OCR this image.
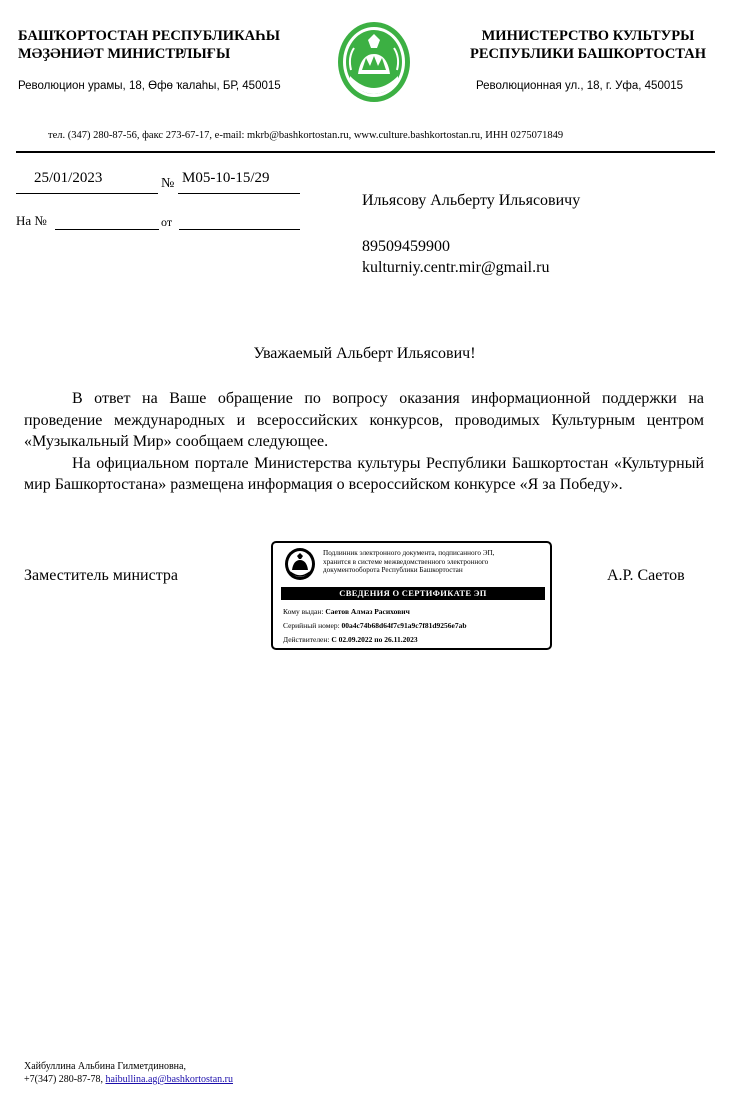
БАШҠОРТОСТАН РЕСПУБЛИКАҺЫ
МӘҘӘНИӘТ МИНИСТРЛЫҒЫ
МИНИСТЕРСТВО КУЛЬТУРЫ
РЕСПУБЛИКИ БАШКОРТОСТАН
Революцион урамы, 18, Өфө ҡалаһы, БР, 450015	Революционная ул., 18, г. Уфа, 450015
тел. (347) 280-87-56, факс 273-67-17, e-mail: mkrb@bashkortostan.ru, www.culture.bashkortostan.ru, ИНН 0275071849
25/01/2023	№ М05-10-15/29
На №	от
Ильясову Альберту Ильясовичу
89509459900
kulturniy.centr.mir@gmail.ru
Уважаемый Альберт Ильясович!

В ответ на Ваше обращение по вопросу оказания информационной поддержки на проведение международных и всероссийских конкурсов, проводимых Культурным центром «Музыкальный Мир» сообщаем следующее.

На официальном портале Министерства культуры Республики Башкортостан «Культурный мир Башкортостана» размещена информация о всероссийском конкурсе «Я за Победу».

Заместитель министра	А.Р. Саетов
Подлинник электронного документа, подписанного ЭП,
хранится в системе межведомственного электронного
документооборота Республики Башкортостан
СВЕДЕНИЯ О СЕРТИФИКАТЕ ЭП
Кому выдан: Саетов Алмаз Расихович
Серийный номер: 00a4c74b68d64f7c91a9c7f81d9256e7ab
Действителен: С 02.09.2022 по 26.11.2023
Хайбуллина Альбина Гилметдиновна,
+7(347) 280-87-78, haibullina.ag@bashkortostan.ru
